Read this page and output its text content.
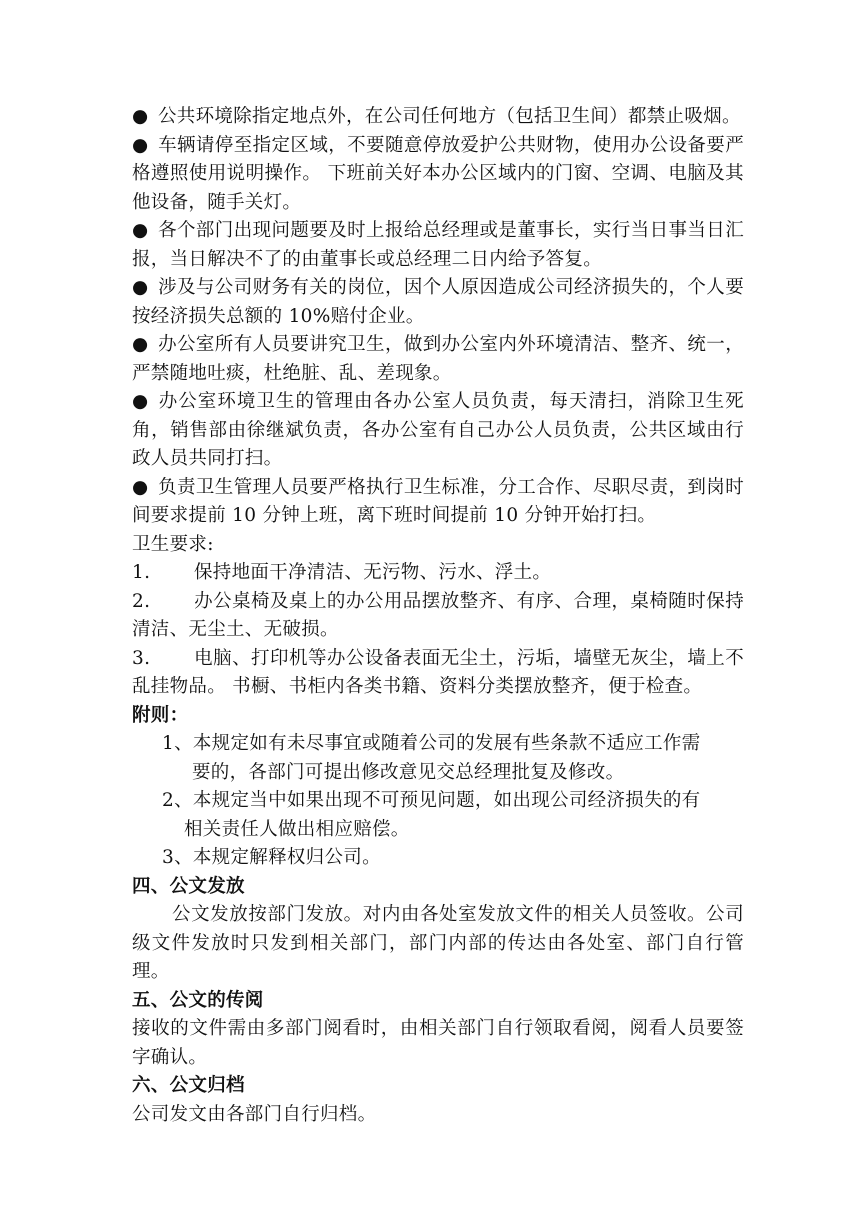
● 公共环境除指定地点外，在公司任何地方（包括卫生间）都禁止吸烟。

● 车辆请停至指定区域，不要随意停放爱护公共财物，使用办公设备要严格遵照使用说明操作。 下班前关好本办公区域内的门窗、空调、电脑及其他设备，随手关灯。

● 各个部门出现问题要及时上报给总经理或是董事长，实行当日事当日汇报，当日解决不了的由董事长或总经理二日内给予答复。

● 涉及与公司财务有关的岗位，因个人原因造成公司经济损失的，个人要按经济损失总额的 10%赔付企业。

● 办公室所有人员要讲究卫生，做到办公室内外环境清洁、整齐、统一，严禁随地吐痰，杜绝脏、乱、差现象。

● 办公室环境卫生的管理由各办公室人员负责，每天清扫，消除卫生死角，销售部由徐继斌负责，各办公室有自己办公人员负责，公共区域由行政人员共同打扫。

● 负责卫生管理人员要严格执行卫生标准，分工合作、尽职尽责，到岗时间要求提前 10 分钟上班，离下班时间提前 10 分钟开始打扫。

卫生要求:

1. 保持地面干净清洁、无污物、污水、浮土。

2. 办公桌椅及桌上的办公用品摆放整齐、有序、合理，桌椅随时保持清洁、无尘土、无破损。

3. 电脑、打印机等办公设备表面无尘土，污垢，墙壁无灰尘，墙上不乱挂物品。 书橱、书柜内各类书籍、资料分类摆放整齐，便于检查。

附则：

1、本规定如有未尽事宜或随着公司的发展有些条款不适应工作需
要的，各部门可提出修改意见交总经理批复及修改。

2、本规定当中如果出现不可预见问题，如出现公司经济损失的有
相关责任人做出相应赔偿。

3、本规定解释权归公司。

四、公文发放

公文发放按部门发放。对内由各处室发放文件的相关人员签收。公司级文件发放时只发到相关部门，部门内部的传达由各处室、部门自行管理。

五、公文的传阅

接收的文件需由多部门阅看时，由相关部门自行领取看阅，阅看人员要签字确认。

六、公文归档

公司发文由各部门自行归档。
